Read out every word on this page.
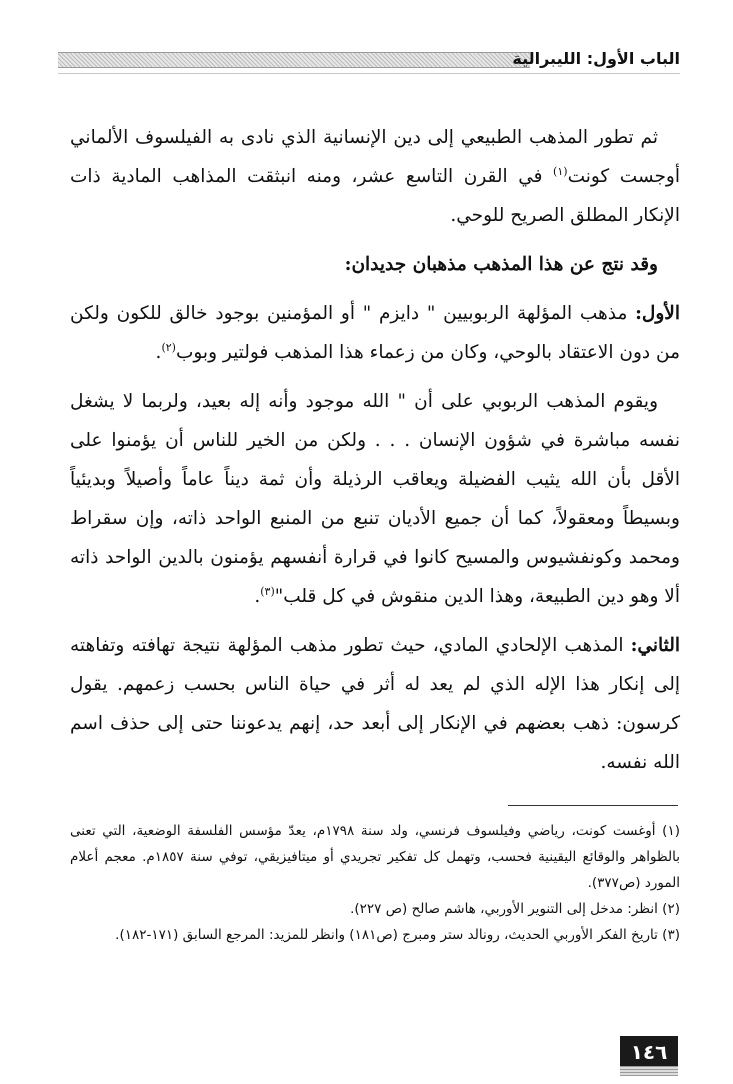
الباب الأول: الليبرالية

ثم تطور المذهب الطبيعي إلى دين الإنسانية الذي نادى به الفيلسوف الألماني أوجست كونت$^{(١)}$ في القرن التاسع عشر، ومنه انبثقت المذاهب المادية ذات الإنكار المطلق الصريح للوحي.

وقد نتج عن هذا المذهب مذهبان جديدان:

الأول: مذهب المؤلهة الربوبيين " دايزم " أو المؤمنين بوجود خالق للكون ولكن من دون الاعتقاد بالوحي، وكان من زعماء هذا المذهب فولتير وبوب$^{(٢)}$.

ويقوم المذهب الربوبي على أن " الله موجود وأنه إله بعيد، ولربما لا يشغل نفسه مباشرة في شؤون الإنسان . . . ولكن من الخير للناس أن يؤمنوا على الأقل بأن الله يثيب الفضيلة ويعاقب الرذيلة وأن ثمة ديناً عاماً وأصيلاً وبديئياً وبسيطاً ومعقولاً، كما أن جميع الأديان تنبع من المنبع الواحد ذاته، وإن سقراط ومحمد وكونفشيوس والمسيح كانوا في قرارة أنفسهم يؤمنون بالدين الواحد ذاته ألا وهو دين الطبيعة، وهذا الدين منقوش في كل قلب"$^{(٣)}$.

الثاني: المذهب الإلحادي المادي، حيث تطور مذهب المؤلهة نتيجة تهافته وتفاهته إلى إنكار هذا الإله الذي لم يعد له أثر في حياة الناس بحسب زعمهم. يقول كرسون: ذهب بعضهم في الإنكار إلى أبعد حد، إنهم يدعوننا حتى إلى حذف اسم الله نفسه.

(١) أوغست كونت، رياضي وفيلسوف فرنسي، ولد سنة ١٧٩٨م، يعدّ مؤسس الفلسفة الوضعية، التي تعنى بالظواهر والوقائع اليقينية فحسب، وتهمل كل تفكير تجريدي أو ميتافيزيقي، توفي سنة ١٨٥٧م. معجم أعلام المورد (ص٣٧٧).

(٢) انظر: مدخل إلى التنوير الأوربي، هاشم صالح (ص ٢٢٧).

(٣) تاريخ الفكر الأوربي الحديث، رونالد ستر ومبرج (ص١٨١) وانظر للمزيد: المرجع السابق (١٧١-١٨٢).

١٤٦
